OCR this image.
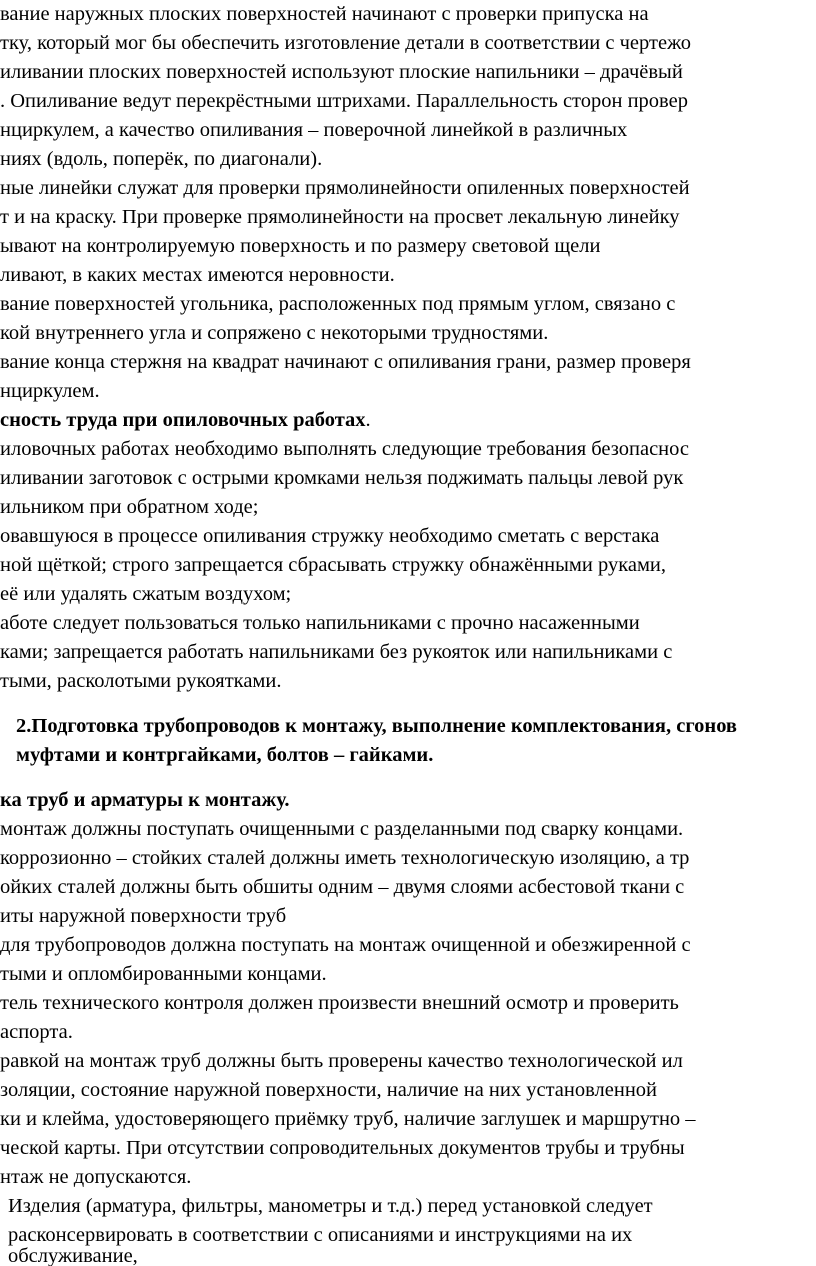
вание наружных плоских поверхностей начинают с проверки припуска на
тку, который мог бы обеспечить изготовление детали в соответствии с чертежо
иливании плоских поверхностей используют плоские напильники – драчёвый
. Опиливание ведут перекрёстными штрихами. Параллельность сторон провер
нциркулем, а качество опиливания – поверочной линейкой в различных
ниях (вдоль, поперёк, по диагонали).
ные линейки служат для проверки прямолинейности опиленных поверхностей
т и на краску. При проверке прямолинейности на просвет лекальную линейку
ывают на контролируемую поверхность и по размеру световой щели
ливают, в каких местах имеются неровности.
вание поверхностей угольника, расположенных под прямым углом, связано с
кой внутреннего угла и сопряжено с некоторыми трудностями.
вание конца стержня на квадрат начинают с опиливания грани, размер проверя
нциркулем.
сность труда при опиловочных работах.
иловочных работах необходимо выполнять следующие требования безопаснос
иливании заготовок с острыми кромками нельзя поджимать пальцы левой рук
ильником при обратном ходе;
овавшуюся в процессе опиливания стружку необходимо сметать с верстака
ной щёткой; строго запрещается сбрасывать стружку обнажёнными руками,
её или удалять сжатым воздухом;
аботе следует пользоваться только напильниками с прочно насаженными
ками; запрещается работать напильниками без рукояток или напильниками с
тыми, расколотыми рукоятками.
2.Подготовка трубопроводов к монтажу, выполнение комплектования, сгонов
муфтами и контргайками, болтов – гайками.
ка труб и арматуры к монтажу.
монтаж должны поступать очищенными с разделанными под сварку концами.
коррозионно – стойких сталей должны иметь технологическую изоляцию, а тр
ойких сталей должны быть обшиты одним – двумя слоями асбестовой ткани с
иты наружной поверхности труб
для трубопроводов должна поступать на монтаж очищенной и обезжиренной с
тыми и опломбированными концами.
тель технического контроля должен произвести внешний осмотр и проверить
аспорта.
равкой на монтаж труб должны быть проверены качество технологической ил
золяции, состояние наружной поверхности, наличие на них установленной
ки и клейма, удостоверяющего приёмку труб, наличие заглушек и маршрутно –
ческой карты. При отсутствии сопроводительных документов трубы и трубны
нтаж не допускаются.
Изделия (арматура, фильтры, манометры и т.д.) перед установкой следует
расконсервировать в соответствии с описаниями и инструкциями на их
обслуживание,
